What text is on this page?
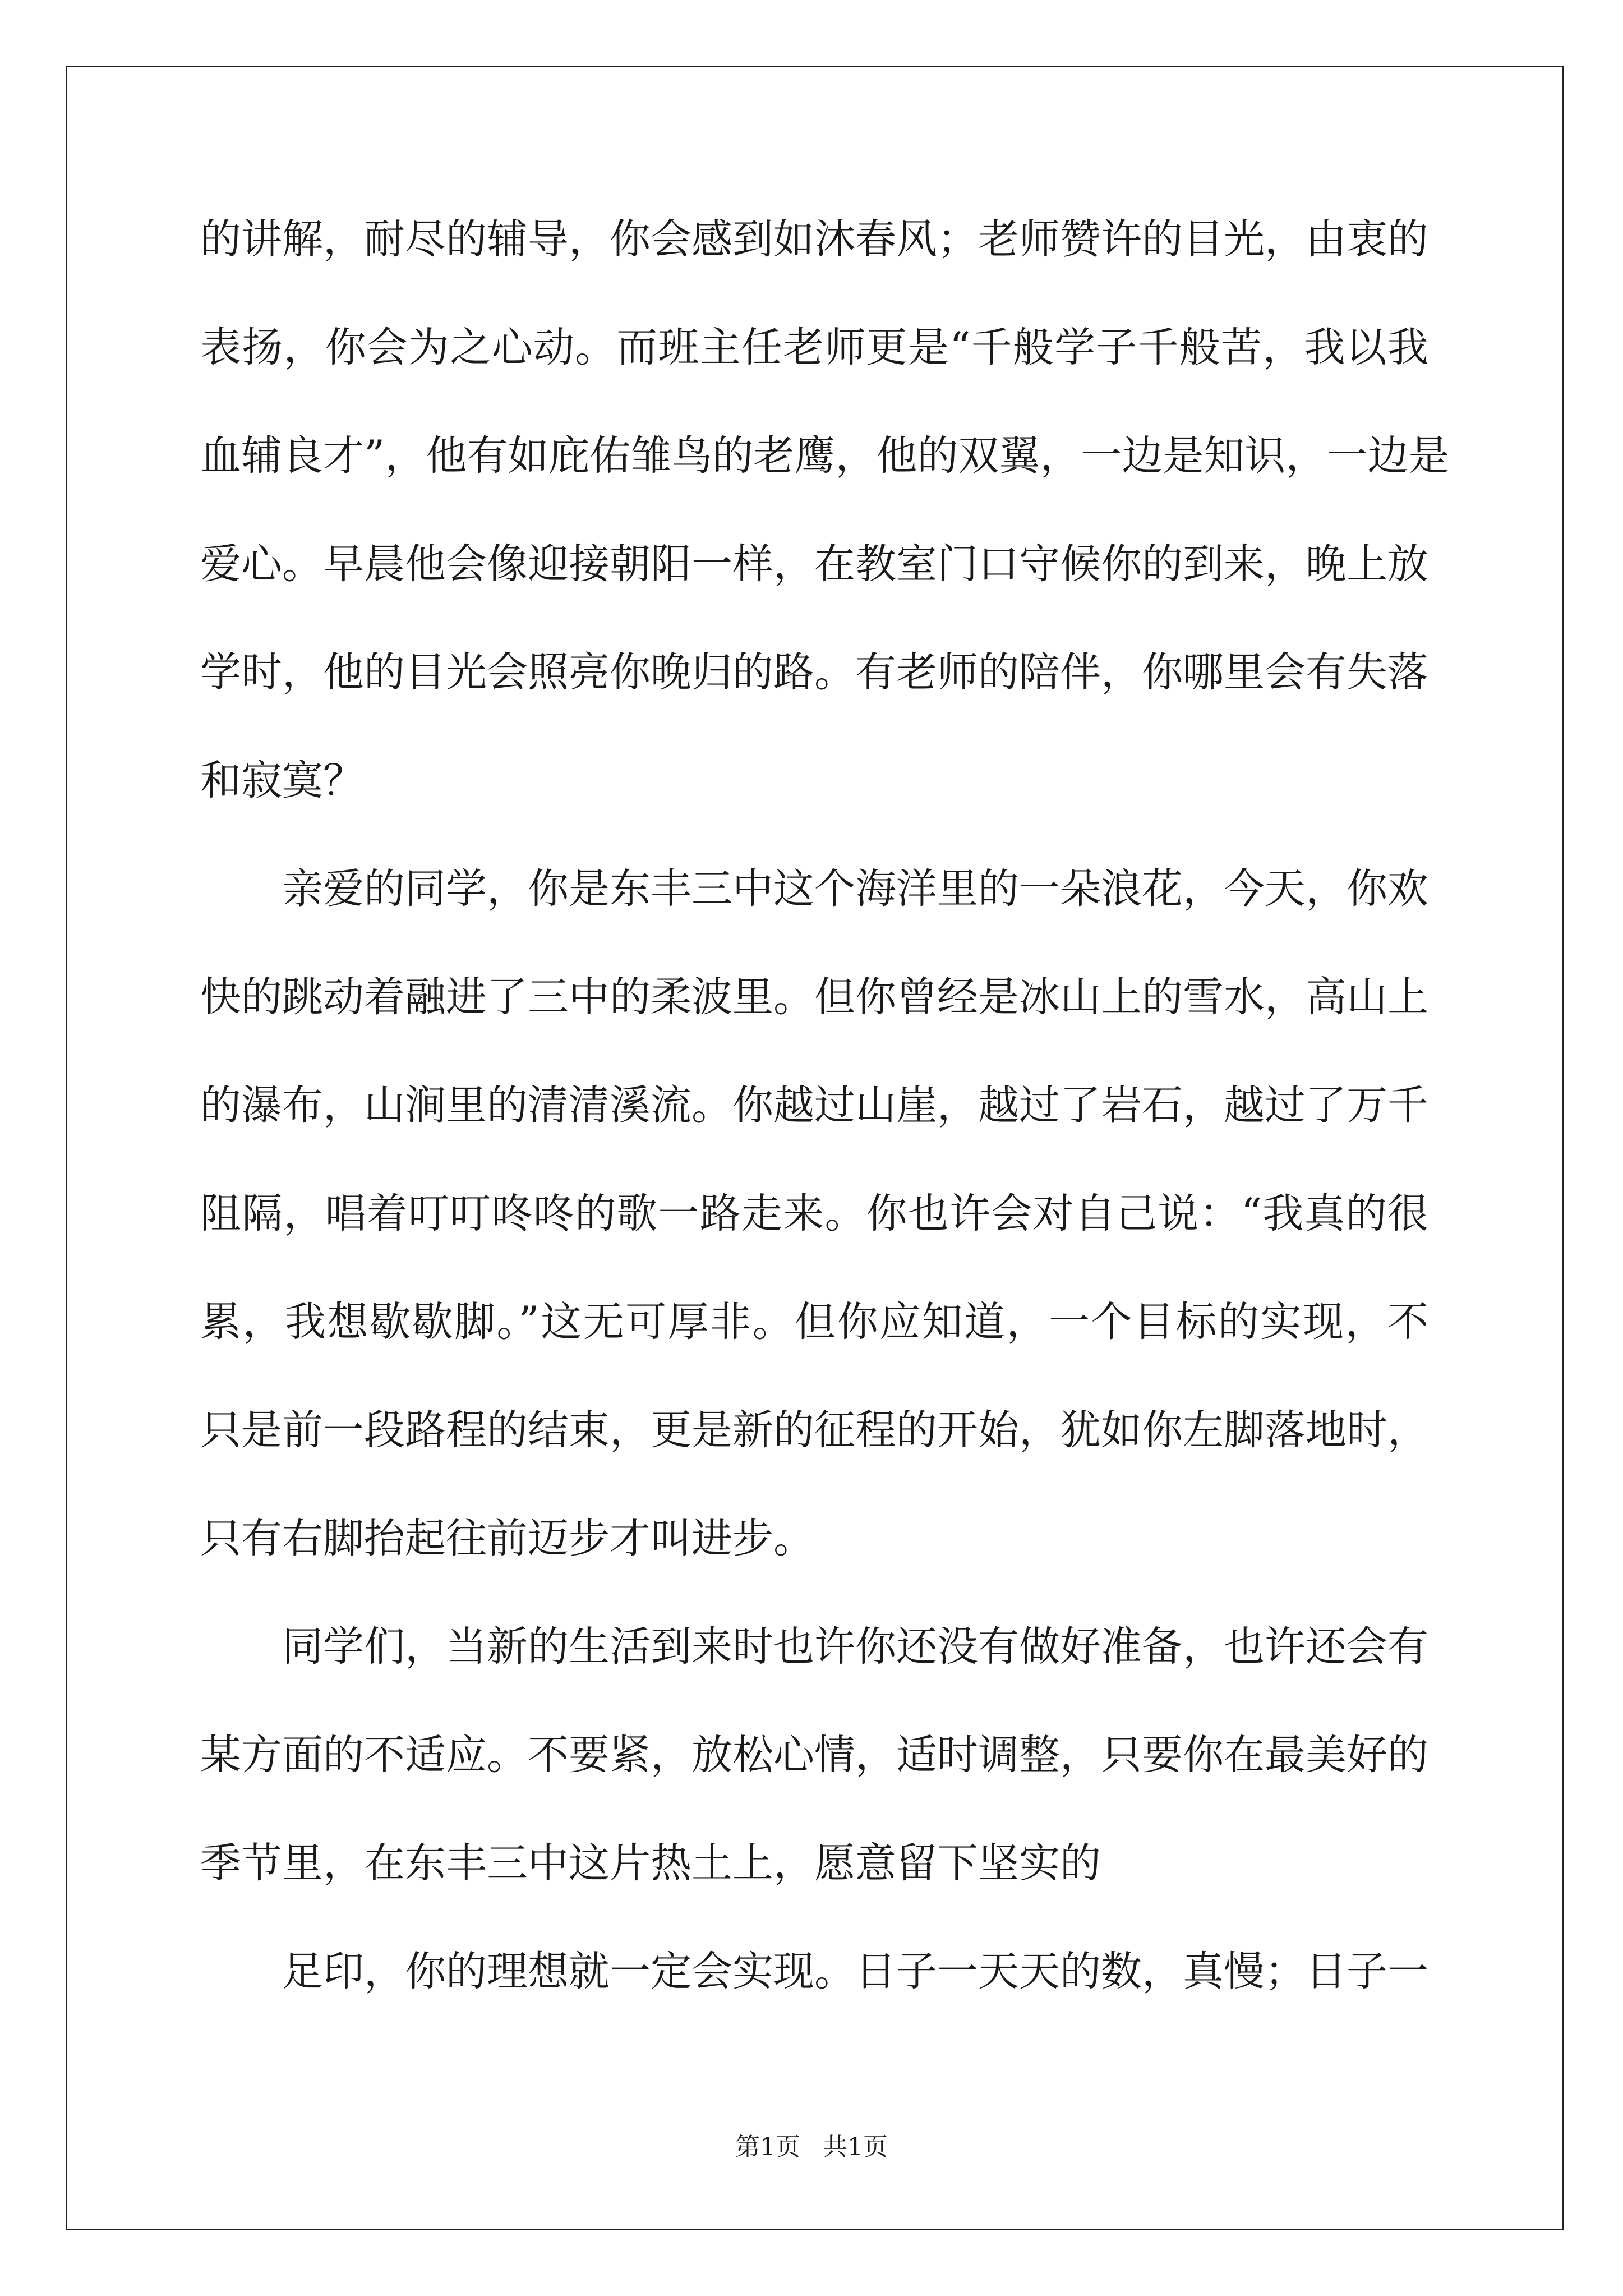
的讲解，耐尽的辅导，你会感到如沐春风；老师赞许的目光，由衷的

表扬，你会为之心动。而班主任老师更是“千般学子千般苦，我以我

血辅良才”，他有如庇佑雏鸟的老鹰，他的双翼，一边是知识，一边是

爱心。早晨他会像迎接朝阳一样，在教室门口守候你的到来，晚上放

学时，他的目光会照亮你晚归的路。有老师的陪伴，你哪里会有失落

和寂寞？

亲爱的同学，你是东丰三中这个海洋里的一朵浪花，今天，你欢

快的跳动着融进了三中的柔波里。但你曾经是冰山上的雪水，高山上

的瀑布，山涧里的清清溪流。你越过山崖，越过了岩石，越过了万千

阻隔，唱着叮叮咚咚的歌一路走来。你也许会对自己说：“我真的很

累，我想歇歇脚。”这无可厚非。但你应知道，一个目标的实现，不

只是前一段路程的结束，更是新的征程的开始，犹如你左脚落地时，

只有右脚抬起往前迈步才叫进步。

同学们，当新的生活到来时也许你还没有做好准备，也许还会有

某方面的不适应。不要紧，放松心情，适时调整，只要你在最美好的

季节里，在东丰三中这片热土上，愿意留下坚实的

足印，你的理想就一定会实现。日子一天天的数，真慢；日子一

第1页 共1页
